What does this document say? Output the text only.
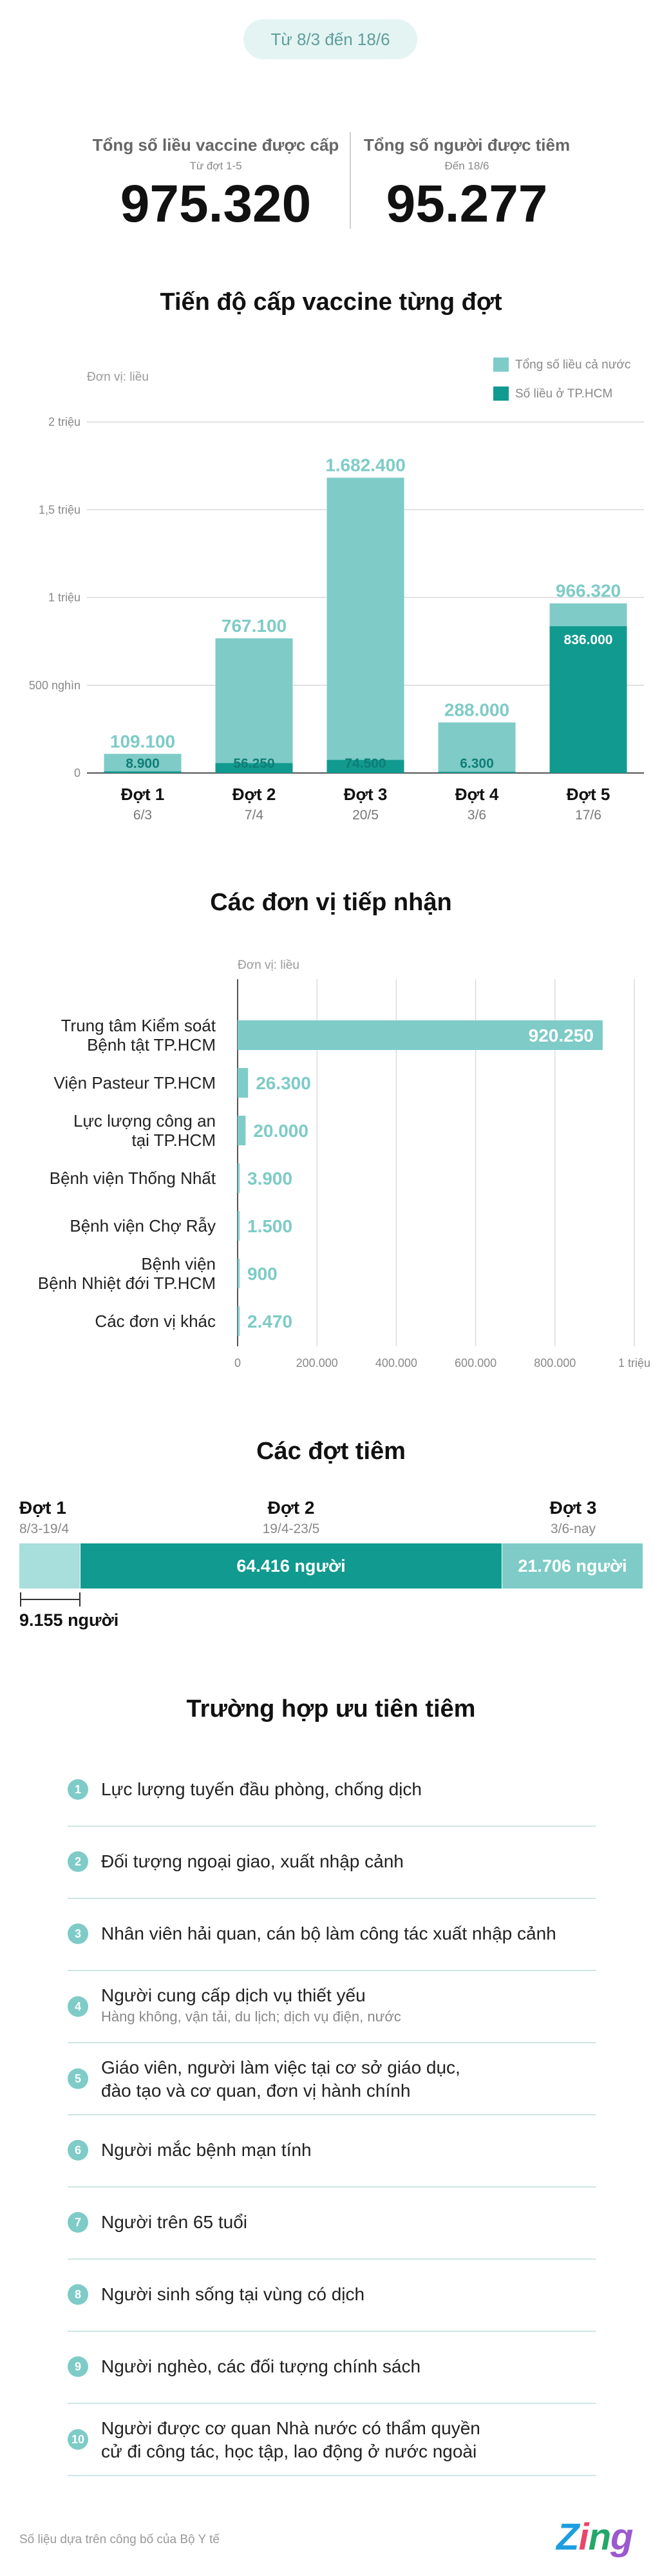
Từ 8/3 đến 18/6
Tổng số liều vaccine được cấp
Từ đợt 1-5
975.320
Tổng số người được tiêm
Đến 18/6
95.277
Tiến độ cấp vaccine từng đợt
Đơn vị: liều
Tổng số liều cả nước
Số liều ở TP.HCM
0
500 nghìn
1 triệu
1,5 triệu
2 triệu
109.100
8.900
Đợt 1
6/3
767.100
56.250
Đợt 2
7/4
1.682.400
74.500
Đợt 3
20/5
288.000
6.300
Đợt 4
3/6
966.320
836.000
Đợt 5
17/6
Các đơn vị tiếp nhận
Đơn vị: liều
0	200.000	400.000	600.000	800.000	1 triệu
920.250
Trung tâm Kiểm soát
Bệnh tật TP.HCM
26.300
Viện Pasteur TP.HCM
20.000
Lực lượng công an
tại TP.HCM
3.900
Bệnh viện Thống Nhất
1.500
Bệnh viện Chợ Rẫy
900
Bệnh viện
Bệnh Nhiệt đới TP.HCM
2.470
Các đơn vị khác
Các đợt tiêm
Đợt 1
8/3-19/4
Đợt 2
19/4-23/5
Đợt 3
3/6-nay
64.416 người	21.706 người
9.155 người
Trường hợp ưu tiên tiêm
1	Lực lượng tuyến đầu phòng, chống dịch
2	Đối tượng ngoại giao, xuất nhập cảnh
3	Nhân viên hải quan, cán bộ làm công tác xuất nhập cảnh
4
Người cung cấp dịch vụ thiết yếu
Hàng không, vận tải, du lịch; dịch vụ điện, nước
5
Giáo viên, người làm việc tại cơ sở giáo dục,
đào tạo và cơ quan, đơn vị hành chính
6	Người mắc bệnh mạn tính
7	Người trên 65 tuổi
8	Người sinh sống tại vùng có dịch
9	Người nghèo, các đối tượng chính sách
10
Người được cơ quan Nhà nước có thẩm quyền
cử đi công tác, học tập, lao động ở nước ngoài
Số liệu dựa trên công bố của Bộ Y tế	Zing
